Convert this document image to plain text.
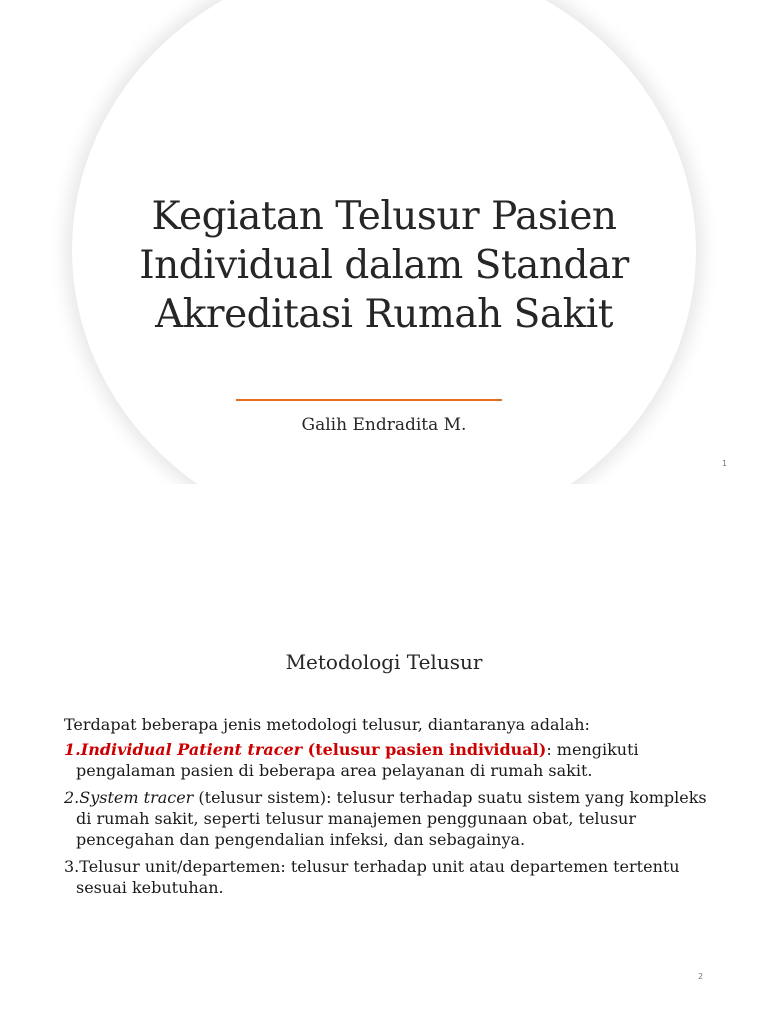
Kegiatan Telusur Pasien
Individual dalam Standar
Akreditasi Rumah Sakit
Galih Endradita M.
1
Metodologi Telusur

Terdapat beberapa jenis metodologi telusur, diantaranya adalah:

1.Individual Patient tracer (telusur pasien individual): mengikuti pengalaman pasien di beberapa area pelayanan di rumah sakit.

2.System tracer (telusur sistem): telusur terhadap suatu sistem yang kompleks di rumah sakit, seperti telusur manajemen penggunaan obat, telusur pencegahan dan pengendalian infeksi, dan sebagainya.

3.Telusur unit/departemen: telusur terhadap unit atau departemen tertentu sesuai kebutuhan.

2
